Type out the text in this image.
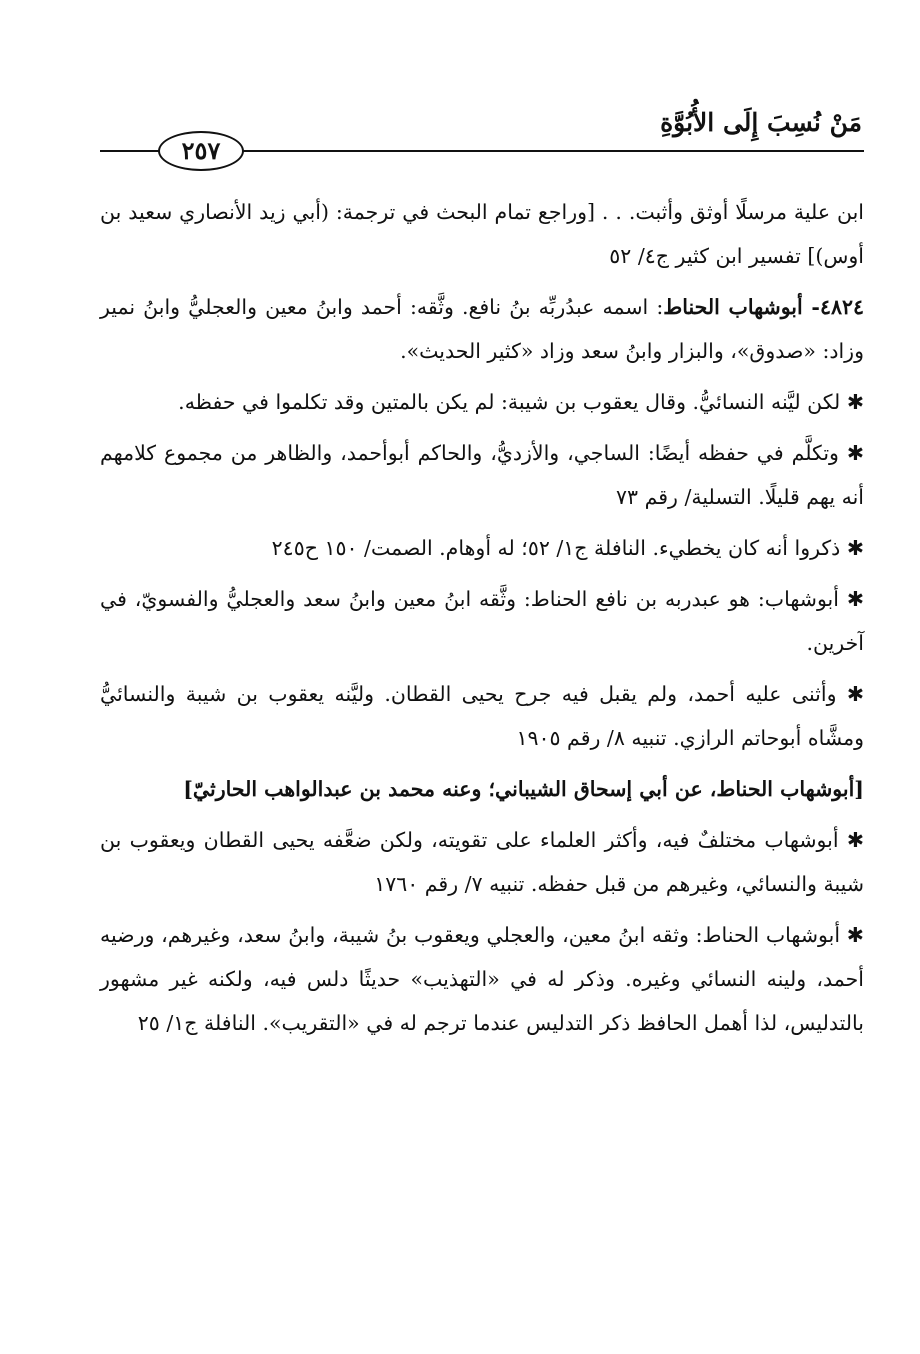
مَنْ نُسِبَ إِلَى الأُبُوَّةِ
٢٥٧

ابن علية مرسلًا أوثق وأثبت. . . [وراجع تمام البحث في ترجمة: (أبي زيد الأنصاري سعيد بن أوس)] تفسير ابن كثير ج٤/ ٥٢

٤٨٢٤- أبوشهاب الحناط: اسمه عبدُربِّه بنُ نافع. وثَّقه: أحمد وابنُ معين والعجليُّ وابنُ نمير وزاد: «صدوق»، والبزار وابنُ سعد وزاد «كثير الحديث».

✱ لكن ليَّنه النسائيُّ. وقال يعقوب بن شيبة: لم يكن بالمتين وقد تكلموا في حفظه.

✱ وتكلَّم في حفظه أيضًا: الساجي، والأزديُّ، والحاكم أبوأحمد، والظاهر من مجموع كلامهم أنه يهم قليلًا. التسلية/ رقم ٧٣

✱ ذكروا أنه كان يخطيء. النافلة ج١/ ٥٢؛ له أوهام. الصمت/ ١٥٠ ح٢٤٥

✱ أبوشهاب: هو عبدربه بن نافع الحناط: وثَّقه ابنُ معين وابنُ سعد والعجليُّ والفسويّ، في آخرين.

✱ وأثنى عليه أحمد، ولم يقبل فيه جرح يحيى القطان. وليَّنه يعقوب بن شيبة والنسائيُّ ومشَّاه أبوحاتم الرازي. تنبيه ٨/ رقم ١٩٠٥

[أبوشهاب الحناط، عن أبي إسحاق الشيباني؛ وعنه محمد بن عبدالواهب الحارثيّ]

✱ أبوشهاب مختلفٌ فيه، وأكثر العلماء على تقويته، ولكن ضعَّفه يحيى القطان ويعقوب بن شيبة والنسائي، وغيرهم من قبل حفظه. تنبيه ٧/ رقم ١٧٦٠

✱ أبوشهاب الحناط: وثقه ابنُ معين، والعجلي ويعقوب بنُ شيبة، وابنُ سعد، وغيرهم، ورضيه أحمد، ولينه النسائي وغيره. وذكر له في «التهذيب» حديثًا دلس فيه، ولكنه غير مشهور بالتدليس، لذا أهمل الحافظ ذكر التدليس عندما ترجم له في «التقريب». النافلة ج١/ ٢٥
